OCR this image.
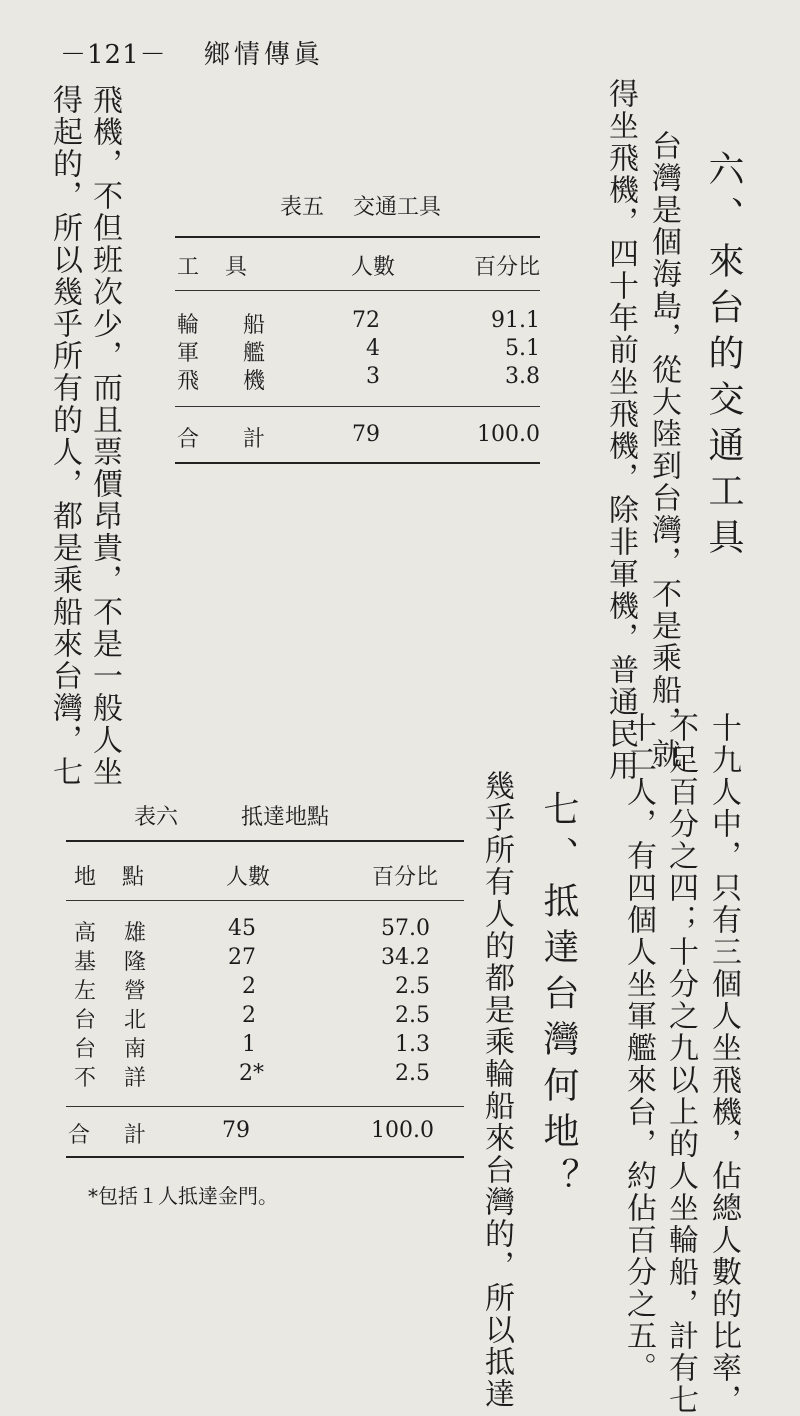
－121－ 鄉情傳眞
六、來台的交通工具
台灣是個海島，從大陸到台灣，不是乘船，就
得坐飛機，四十年前坐飛機，除非軍機，普通民用
飛機，不但班次少，而且票價昂貴，不是一般人坐
得起的，所以幾乎所有的人，都是乘船來台灣，七
十九人中，只有三個人坐飛機，佔總人數的比率，
不足百分之四；十分之九以上的人坐輪船，計有七
十二人，有四個人坐軍艦來台，約佔百分之五。
七、抵達台灣何地？
幾乎所有人的都是乘輪船來台灣的，所以抵達
表五 交通工具
工　具	人數	百分比
輪 船	72	91.1
軍 艦	4	5.1
飛 機	3	3.8
合 計	79	100.0
表六	抵達地點
地　點	人數	百分比
高 雄	45	57.0
基 隆	27	34.2
左 營	2	2.5
台 北	2	2.5
台 南	1	1.3
不 詳	2*	2.5
合 計	79	100.0
*包括１人抵達金門。
